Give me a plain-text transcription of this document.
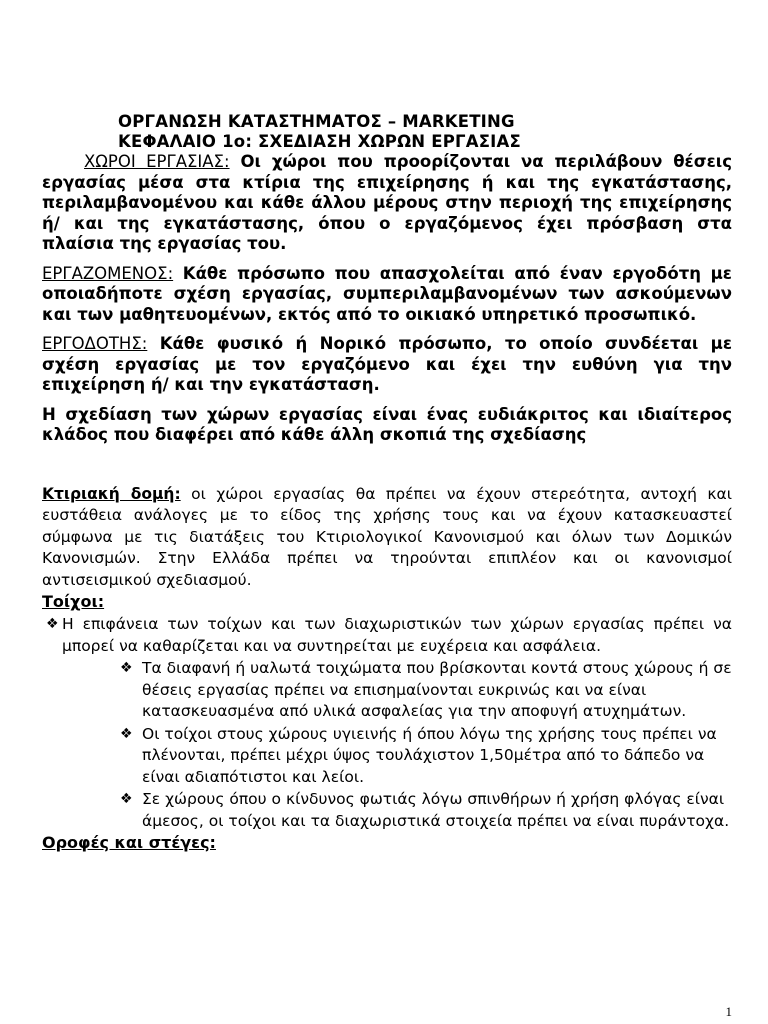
ΟΡΓΑΝΩΣΗ ΚΑΤΑΣΤΗΜΑΤΟΣ – MARKETING
ΚΕΦΑΛΑΙΟ 1ο: ΣΧΕΔΙΑΣΗ ΧΩΡΩΝ ΕΡΓΑΣΙΑΣ

ΧΩΡΟΙ ΕΡΓΑΣΙΑΣ: Οι χώροι που προορίζονται να περιλάβουν θέσεις εργασίας μέσα στα κτίρια της επιχείρησης ή και της εγκατάστασης, περιλαμβανομένου και κάθε άλλου μέρους στην περιοχή της επιχείρησης ή/ και της εγκατάστασης, όπου ο εργαζόμενος έχει πρόσβαση στα πλαίσια της εργασίας του.

ΕΡΓΑΖΟΜΕΝΟΣ: Κάθε πρόσωπο που απασχολείται από έναν εργοδότη με οποιαδήποτε σχέση εργασίας, συμπεριλαμβανομένων των ασκούμενων και των μαθητευομένων, εκτός από το οικιακό υπηρετικό προσωπικό.

ΕΡΓΟΔΟΤΗΣ: Κάθε φυσικό ή Νορικό πρόσωπο, το οποίο συνδέεται με σχέση εργασίας με τον εργαζόμενο και έχει την ευθύνη για την επιχείρηση ή/ και την εγκατάσταση.

Η σχεδίαση των χώρων εργασίας είναι ένας ευδιάκριτος και ιδιαίτερος κλάδος που διαφέρει από κάθε άλλη σκοπιά της σχεδίασης

Κτιριακή δομή: οι χώροι εργασίας θα πρέπει να έχουν στερεότητα, αντοχή και ευστάθεια ανάλογες με το είδος της χρήσης τους και να έχουν κατασκευαστεί σύμφωνα με τις διατάξεις του Κτιριολογικοί Κανονισμού και όλων των Δομικών Κανονισμών. Στην Ελλάδα πρέπει να τηρούνται επιπλέον και οι κανονισμοί αντισεισμικού σχεδιασμού.

Τοίχοι:
❖ Η επιφάνεια των τοίχων και των διαχωριστικών των χώρων εργασίας πρέπει να μπορεί να καθαρίζεται και να συντηρείται με ευχέρεια και ασφάλεια.
❖ Τα διαφανή ή υαλωτά τοιχώματα που βρίσκονται κοντά στους χώρους ή σε θέσεις εργασίας πρέπει να επισημαίνονται ευκρινώς και να είναι κατασκευασμένα από υλικά ασφαλείας για την αποφυγή ατυχημάτων.
❖ Οι τοίχοι στους χώρους υγιεινής ή όπου λόγω της χρήσης τους πρέπει να πλένονται, πρέπει μέχρι ύψος τουλάχιστον 1,50μέτρα από το δάπεδο να είναι αδιαπότιστοι και λείοι.
❖ Σε χώρους όπου ο κίνδυνος φωτιάς λόγω σπινθήρων ή χρήση φλόγας είναι άμεσος, οι τοίχοι και τα διαχωριστικά στοιχεία πρέπει να είναι πυράντοχα.
Οροφές και στέγες:
1
